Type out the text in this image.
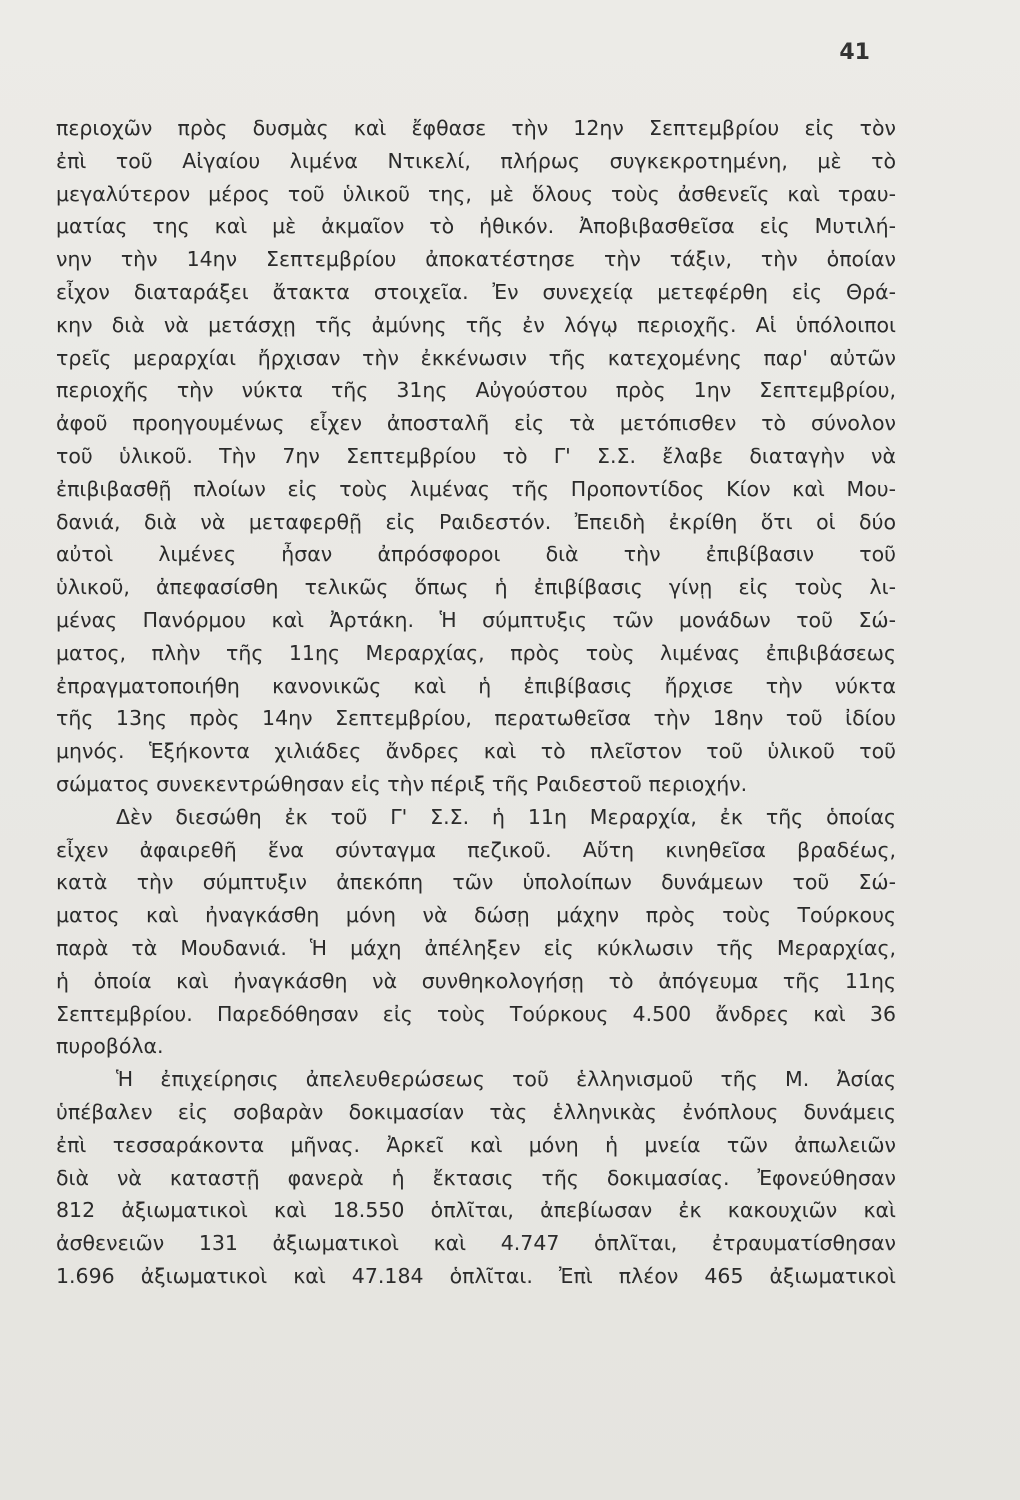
41
περιοχῶν πρὸς δυσμὰς καὶ ἔφθασε τὴν 12ην Σεπτεμβρίου εἰς τὸν
ἐπὶ τοῦ Αἰγαίου λιμένα Ντικελί, πλήρως συγκεκροτημένη, μὲ τὸ
μεγαλύτερον μέρος τοῦ ὑλικοῦ της, μὲ ὅλους τοὺς ἀσθενεῖς καὶ τραυ-
ματίας της καὶ μὲ ἀκμαῖον τὸ ἠθικόν. Ἀποβιβασθεῖσα εἰς Μυτιλή-
νην τὴν 14ην Σεπτεμβρίου ἀποκατέστησε τὴν τάξιν, τὴν ὁποίαν
εἶχον διαταράξει ἄτακτα στοιχεῖα. Ἐν συνεχείᾳ μετεφέρθη εἰς Θρά-
κην διὰ νὰ μετάσχῃ τῆς ἀμύνης τῆς ἐν λόγῳ περιοχῆς. Αἱ ὑπόλοιποι
τρεῖς μεραρχίαι ἤρχισαν τὴν ἐκκένωσιν τῆς κατεχομένης παρ' αὐτῶν
περιοχῆς τὴν νύκτα τῆς 31ης Αὐγούστου πρὸς 1ην Σεπτεμβρίου,
ἀφοῦ προηγουμένως εἶχεν ἀποσταλῆ εἰς τὰ μετόπισθεν τὸ σύνολον
τοῦ ὑλικοῦ. Τὴν 7ην Σεπτεμβρίου τὸ Γ' Σ.Σ. ἔλαβε διαταγὴν νὰ
ἐπιβιβασθῇ πλοίων εἰς τοὺς λιμένας τῆς Προποντίδος Κίον καὶ Μου-
δανιά, διὰ νὰ μεταφερθῇ εἰς Ραιδεστόν. Ἐπειδὴ ἐκρίθη ὅτι οἱ δύο
αὐτοὶ λιμένες ἦσαν ἀπρόσφοροι διὰ τὴν ἐπιβίβασιν τοῦ
ὑλικοῦ, ἀπεφασίσθη τελικῶς ὅπως ἡ ἐπιβίβασις γίνῃ εἰς τοὺς λι-
μένας Πανόρμου καὶ Ἀρτάκη. Ἡ σύμπτυξις τῶν μονάδων τοῦ Σώ-
ματος, πλὴν τῆς 11ης Μεραρχίας, πρὸς τοὺς λιμένας ἐπιβιβάσεως
ἐπραγματοποιήθη κανονικῶς καὶ ἡ ἐπιβίβασις ἤρχισε τὴν νύκτα
τῆς 13ης πρὸς 14ην Σεπτεμβρίου, περατωθεῖσα τὴν 18ην τοῦ ἰδίου
μηνός. Ἑξήκοντα χιλιάδες ἄνδρες καὶ τὸ πλεῖστον τοῦ ὑλικοῦ τοῦ
σώματος συνεκεντρώθησαν εἰς τὴν πέριξ τῆς Ραιδεστοῦ περιοχήν.
Δὲν διεσώθη ἐκ τοῦ Γ' Σ.Σ. ἡ 11η Μεραρχία, ἐκ τῆς ὁποίας
εἶχεν ἀφαιρεθῆ ἕνα σύνταγμα πεζικοῦ. Αὕτη κινηθεῖσα βραδέως,
κατὰ τὴν σύμπτυξιν ἀπεκόπη τῶν ὑπολοίπων δυνάμεων τοῦ Σώ-
ματος καὶ ἠναγκάσθη μόνη νὰ δώσῃ μάχην πρὸς τοὺς Τούρκους
παρὰ τὰ Μουδανιά. Ἡ μάχη ἀπέληξεν εἰς κύκλωσιν τῆς Μεραρχίας,
ἡ ὁποία καὶ ἠναγκάσθη νὰ συνθηκολογήσῃ τὸ ἀπόγευμα τῆς 11ης
Σεπτεμβρίου. Παρεδόθησαν εἰς τοὺς Τούρκους 4.500 ἄνδρες καὶ 36
πυροβόλα.
Ἡ ἐπιχείρησις ἀπελευθερώσεως τοῦ ἑλληνισμοῦ τῆς Μ. Ἀσίας
ὑπέβαλεν εἰς σοβαρὰν δοκιμασίαν τὰς ἑλληνικὰς ἐνόπλους δυνάμεις
ἐπὶ τεσσαράκοντα μῆνας. Ἀρκεῖ καὶ μόνη ἡ μνεία τῶν ἀπωλειῶν
διὰ νὰ καταστῇ φανερὰ ἡ ἔκτασις τῆς δοκιμασίας. Ἐφονεύθησαν
812 ἀξιωματικοὶ καὶ 18.550 ὁπλῖται, ἀπεβίωσαν ἐκ κακουχιῶν καὶ
ἀσθενειῶν 131 ἀξιωματικοὶ καὶ 4.747 ὁπλῖται, ἐτραυματίσθησαν
1.696 ἀξιωματικοὶ καὶ 47.184 ὁπλῖται. Ἐπὶ πλέον 465 ἀξιωματικοὶ
